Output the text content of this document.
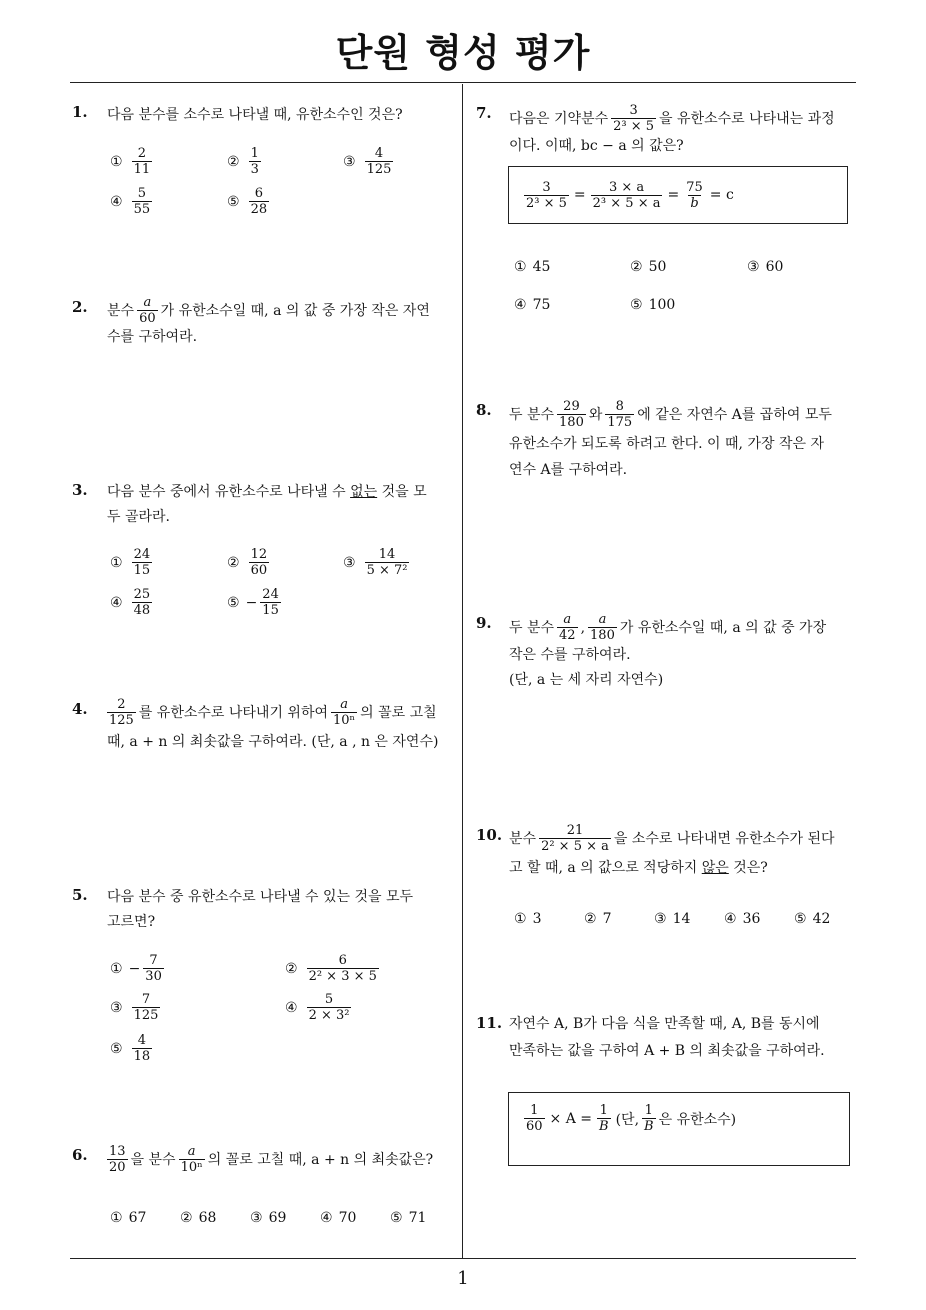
단원 형성 평가
1
1. 다음 분수를 소수로 나타낼 때, 유한소수인 것은?
① $\frac{2}{11}$	② $\frac{1}{3}$	③ $\frac{4}{125}$
④ $\frac{5}{55}$	⑤ $\frac{6}{28}$
2. 분수 $\frac{a}{60}$ 가 유한소수일 때, a 의 값 중 가장 작은 자연
수를 구하여라.
3. 다음 분수 중에서 유한소수로 나타낼 수 없는 것을 모
두 골라라.
① $\frac{24}{15}$	② $\frac{12}{60}$	③ $\frac{14}{\text{5 × 7²}}$
④ $\frac{25}{48}$	⑤ − $\frac{24}{15}$
4. $\frac{2}{125}$ 를 유한소수로 나타내기 위하여 $\frac{a}{\text{10ⁿ}}$ 의 꼴로 고칠
때, a + n 의 최솟값을 구하여라. (단, a , n 은 자연수)
5. 다음 분수 중 유한소수로 나타낼 수 있는 것을 모두
고르면?
① − $\frac{7}{30}$	② $\frac{6}{\text{2² × 3 × 5}}$
③ $\frac{7}{125}$	④ $\frac{5}{\text{2 × 3²}}$
⑤ $\frac{4}{18}$
6. $\frac{13}{20}$ 을 분수 $\frac{a}{\text{10ⁿ}}$ 의 꼴로 고칠 때, a + n 의 최솟값은?
① 67 ② 68 ③ 69 ④ 70 ⑤ 71
7. 다음은 기약분수 $\frac{3}{\text{2³ × 5}}$ 을 유한소수로 나타내는 과정
이다. 이때, bc − a 의 값은?
$\frac{3}{\text{2³ × 5}} = \frac{3 \times a}{\text{2³ × 5 × a}} = \frac{75}{b} = c$
① 45	② 50	③ 60
④ 75	⑤ 100
8. 두 분수 $\frac{29}{180}$ 와 $\frac{8}{175}$ 에 같은 자연수 A를 곱하여 모두
유한소수가 되도록 하려고 한다. 이 때, 가장 작은 자
연수 A를 구하여라.
9. 두 분수 $\frac{a}{42}$ , $\frac{a}{180}$ 가 유한소수일 때, a 의 값 중 가장
작은 수를 구하여라.
(단, a 는 세 자리 자연수)
10. 분수 $\frac{21}{\text{2² × 5 × a}}$ 을 소수로 나타내면 유한소수가 된다
고 할 때, a 의 값으로 적당하지 않은 것은?
① 3	② 7	③ 14 ④ 36 ⑤ 42
11. 자연수 A, B가 다음 식을 만족할 때, A, B를 동시에
만족하는 값을 구하여 A + B 의 최솟값을 구하여라.
$\frac{1}{60} \times A = \frac{1}{B}$ (단, $\frac{1}{B}$ 은 유한소수)
